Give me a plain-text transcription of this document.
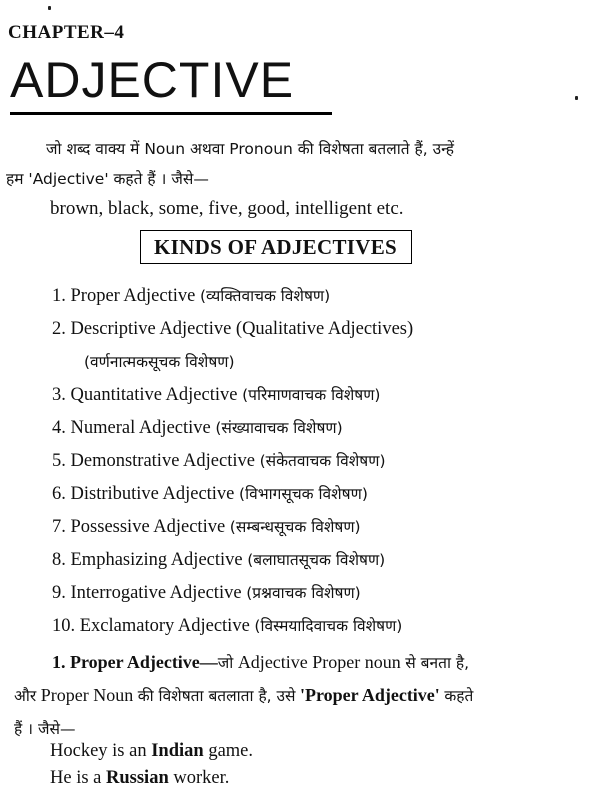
CHAPTER–4
ADJECTIVE
जो शब्द वाक्य में Noun अथवा Pronoun की विशेषता बतलाते हैं, उन्हें
हम 'Adjective' कहते हैं । जैसे—
brown, black, some, five, good, intelligent etc.
KINDS OF ADJECTIVES
1. Proper Adjective (व्यक्तिवाचक विशेषण)
2. Descriptive Adjective (Qualitative Adjectives)
(वर्णनात्मकसूचक विशेषण)
3. Quantitative Adjective (परिमाणवाचक विशेषण)
4. Numeral Adjective (संख्यावाचक विशेषण)
5. Demonstrative Adjective (संकेतवाचक विशेषण)
6. Distributive Adjective (विभागसूचक विशेषण)
7. Possessive Adjective (सम्बन्धसूचक विशेषण)
8. Emphasizing Adjective (बलाघातसूचक विशेषण)
9. Interrogative Adjective (प्रश्नवाचक विशेषण)
10. Exclamatory Adjective (विस्मयादिवाचक विशेषण)
1. Proper Adjective—जो Adjective Proper noun से बनता है,
और Proper Noun की विशेषता बतलाता है, उसे 'Proper Adjective' कहते
हैं । जैसे—
Hockey is an Indian game.
He is a Russian worker.
